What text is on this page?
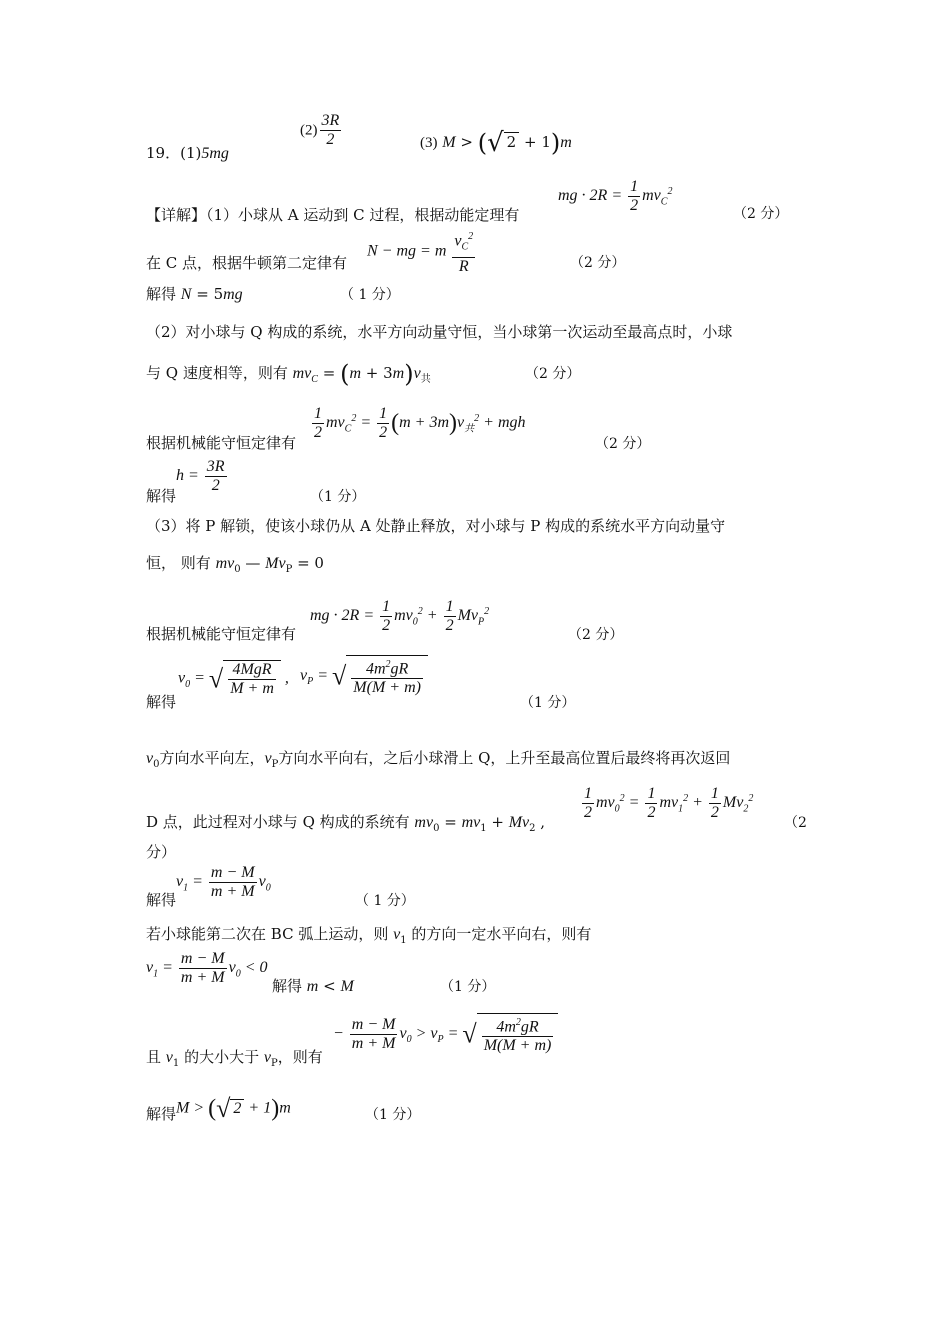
19．(1)5mg
$(2) \frac{3R}{2}$	(3) M > (√ 2 + 1)m
【详解】（1）小球从 A 运动到 C 过程，根据动能定理有
mg · $2R = \frac{1}{2} mv_C^2$
（2 分）
在 C 点，根据牛顿第二定律有
N − mg = m $\frac{v_C^2}{R}$	（2 分）
解得 N = 5mg	（ 1 分）
（2）对小球与 Q 构成的系统，水平方向动量守恒，当小球第一次运动至最高点时，小球
与 Q 速度相等，则有 $mv_C = (m + 3m)v_共$	（2 分）
根据机械能守恒定律有
$\frac{1}{2} mv_C^2 = \frac{1}{2} (m + 3m)v_共^2$ + mgh
（2 分）
解得
$h = \frac{3R}{2}$
（1 分）
（3）将 P 解锁，使该小球仍从 A 处静止释放，对小球与 P 构成的系统水平方向动量守
恒， 则有 $mv_0$ — $Mv_P = 0$
根据机械能守恒定律有
mg · $2R = \frac{1}{2} mv_0^2 + \frac{1}{2} Mv_P^2$
（2 分）
解得
$v_0$ = √ $\frac{\text{4MgR}}{M + m}$ , $v_P$ = √ $\frac{4m^2gR}{M(M + m)}$
（1 分）
$v_0$方向水平向左，$v_P$方向水平向右，之后小球滑上 Q，上升至最高位置后最终将再次返回
D 点，此过程对小球与 Q 构成的系统有 $mv_0 = mv_1 + Mv_2$ , $\frac{1}{2} mv_0^2 = \frac{1}{2} mv_1^2 + \frac{1}{2} Mv_2^2$
（2
分）
解得
$v_1 = \frac{m - M}{m + M} v_0$
（ 1 分）
若小球能第二次在 BC 弧上运动，则 $v_1$ 的方向一定水平向右，则有
$v_1 = \frac{m - M}{m + M} v_0 < 0$
解得 m < M	（1 分）
且 $v_1$ 的大小大于 $v_P$，则有
− $\frac{m - M}{m + M} v_0 > v_P$ = √ $\frac{4m^2gR}{M(M + m)}$
解得 M > (√ 2 + 1)m	（1 分）
